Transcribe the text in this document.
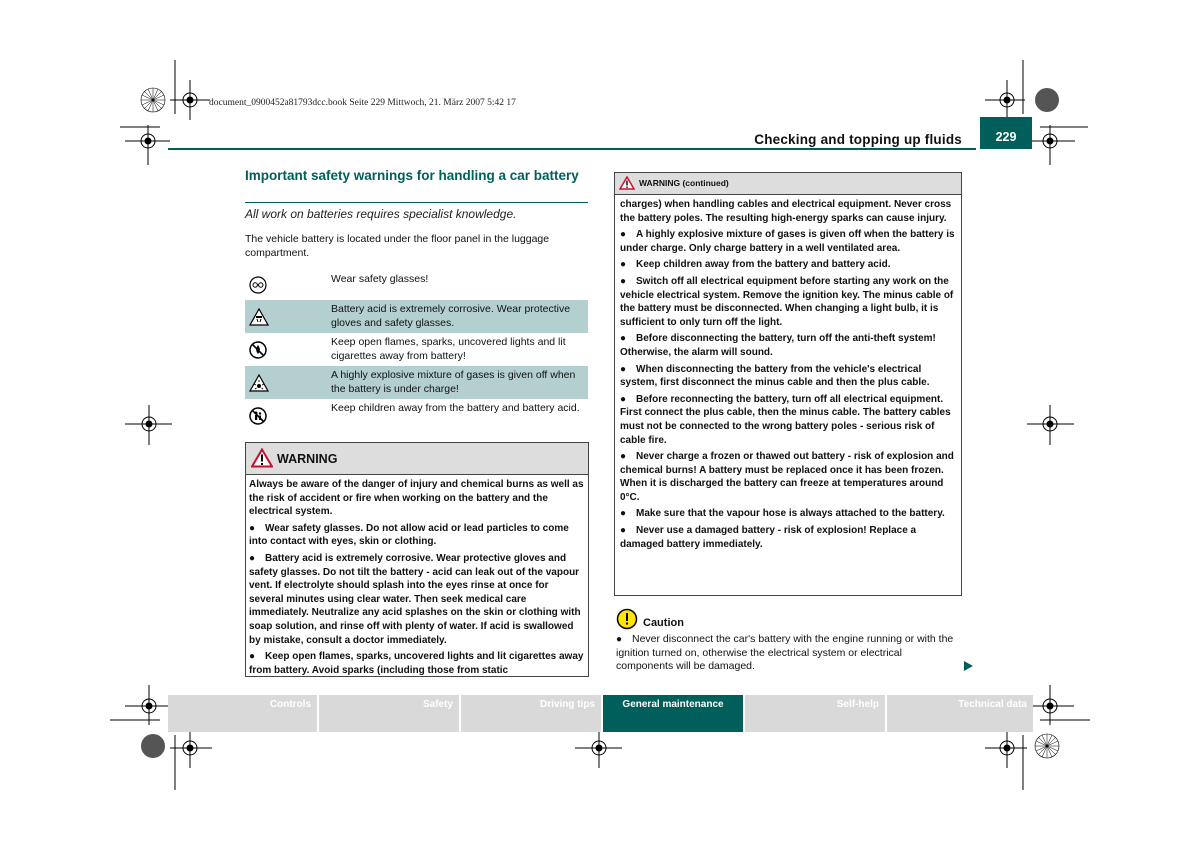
document_0900452a81793dcc.book Seite 229 Mittwoch, 21. März 2007 5:42 17
Checking and topping up fluids	229
Important safety warnings for handling a car battery
All work on batteries requires specialist knowledge.
The vehicle battery is located under the floor panel in the luggage compartment.
Wear safety glasses!
Battery acid is extremely corrosive. Wear protective gloves and safety glasses.
Keep open flames, sparks, uncovered lights and lit cigarettes away from battery!
A highly explosive mixture of gases is given off when the battery is under charge!
Keep children away from the battery and battery acid.
WARNING

Always be aware of the danger of injury and chemical burns as well as the risk of accident or fire when working on the battery and the electrical system.

● Wear safety glasses. Do not allow acid or lead particles to come into contact with eyes, skin or clothing.

● Battery acid is extremely corrosive. Wear protective gloves and safety glasses. Do not tilt the battery - acid can leak out of the vapour vent. If electrolyte should splash into the eyes rinse at once for several minutes using clear water. Then seek medical care immediately. Neutralize any acid splashes on the skin or clothing with soap solution, and rinse off with plenty of water. If acid is swallowed by mistake, consult a doctor immediately.

● Keep open flames, sparks, uncovered lights and lit cigarettes away from battery. Avoid sparks (including those from static

WARNING (continued)

charges) when handling cables and electrical equipment. Never cross the battery poles. The resulting high-energy sparks can cause injury.

● A highly explosive mixture of gases is given off when the battery is under charge. Only charge battery in a well ventilated area.

● Keep children away from the battery and battery acid.

● Switch off all electrical equipment before starting any work on the vehicle electrical system. Remove the ignition key. The minus cable of the battery must be disconnected. When changing a light bulb, it is sufficient to only turn off the light.

● Before disconnecting the battery, turn off the anti-theft system! Otherwise, the alarm will sound.

● When disconnecting the battery from the vehicle's electrical system, first disconnect the minus cable and then the plus cable.

● Before reconnecting the battery, turn off all electrical equipment. First connect the plus cable, then the minus cable. The battery cables must not be connected to the wrong battery poles - serious risk of cable fire.

● Never charge a frozen or thawed out battery - risk of explosion and chemical burns! A battery must be replaced once it has been frozen. When it is discharged the battery can freeze at temperatures around 0°C.

● Make sure that the vapour hose is always attached to the battery.

● Never use a damaged battery - risk of explosion! Replace a damaged battery immediately.

Caution
● Never disconnect the car's battery with the engine running or with the ignition turned on, otherwise the electrical system or electrical components will be damaged.
Controls	Safety	Driving tips	General maintenance	Self-help	Technical data
